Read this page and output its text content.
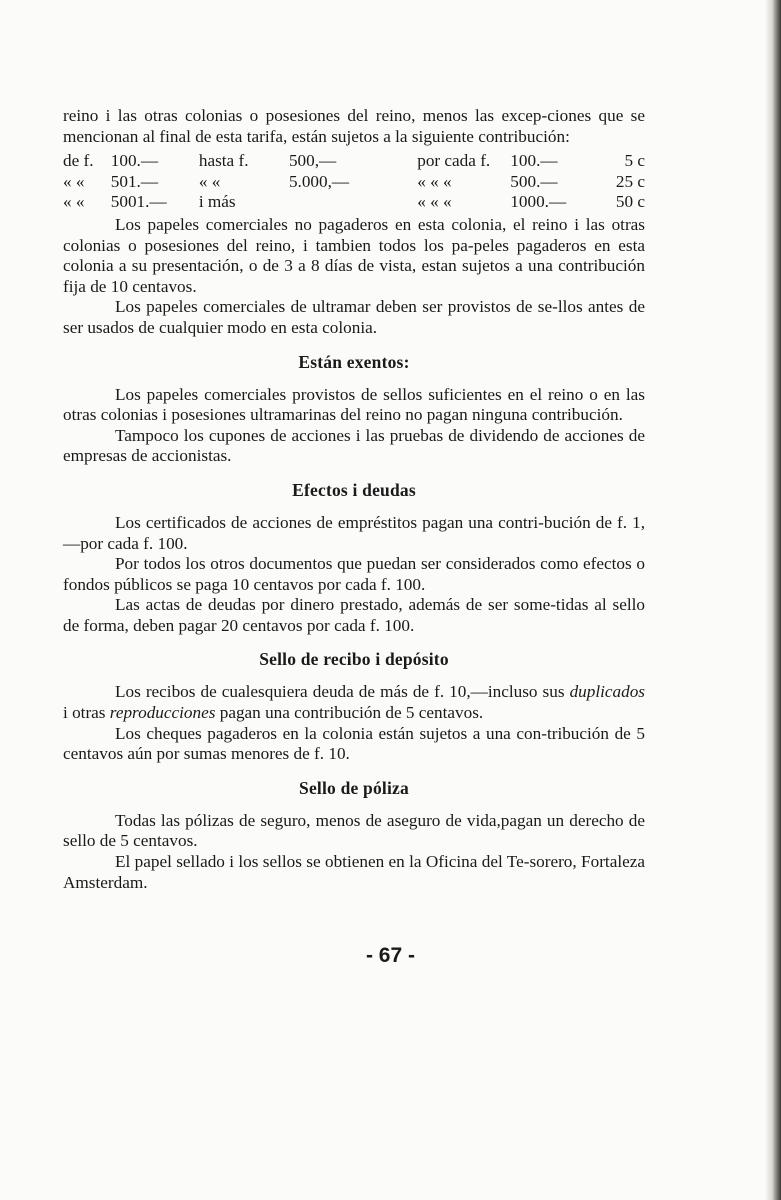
reino i las otras colonias o posesiones del reino, menos las excep-ciones que se mencionan al final de esta tarifa, están sujetos a la siguiente contribución:

de f.	100.—	hasta f.	500,—	por cada f.	100.—	5 c
« «	501.—	« «	5.000,—	« « «	500.—	25 c
« «	5001.—	i más		« « «	1000.—	50 c

Los papeles comerciales no pagaderos en esta colonia, el reino i las otras colonias o posesiones del reino, i tambien todos los pa-peles pagaderos en esta colonia a su presentación, o de 3 a 8 días de vista, estan sujetos a una contribución fija de 10 centavos.

Los papeles comerciales de ultramar deben ser provistos de se-llos antes de ser usados de cualquier modo en esta colonia.

Están exentos:

Los papeles comerciales provistos de sellos suficientes en el reino o en las otras colonias i posesiones ultramarinas del reino no pagan ninguna contribución.

Tampoco los cupones de acciones i las pruebas de dividendo de acciones de empresas de accionistas.

Efectos i deudas

Los certificados de acciones de empréstitos pagan una contri-bución de f. 1,—por cada f. 100.

Por todos los otros documentos que puedan ser considerados como efectos o fondos públicos se paga 10 centavos por cada f. 100.

Las actas de deudas por dinero prestado, además de ser some-tidas al sello de forma, deben pagar 20 centavos por cada f. 100.

Sello de recibo i depósito

Los recibos de cualesquiera deuda de más de f. 10,—incluso sus duplicados i otras reproducciones pagan una contribución de 5 centavos.

Los cheques pagaderos en la colonia están sujetos a una con-tribución de 5 centavos aún por sumas menores de f. 10.

Sello de póliza

Todas las pólizas de seguro, menos de aseguro de vida,pagan un derecho de sello de 5 centavos.

El papel sellado i los sellos se obtienen en la Oficina del Te-sorero, Fortaleza Amsterdam.

- 67 -
